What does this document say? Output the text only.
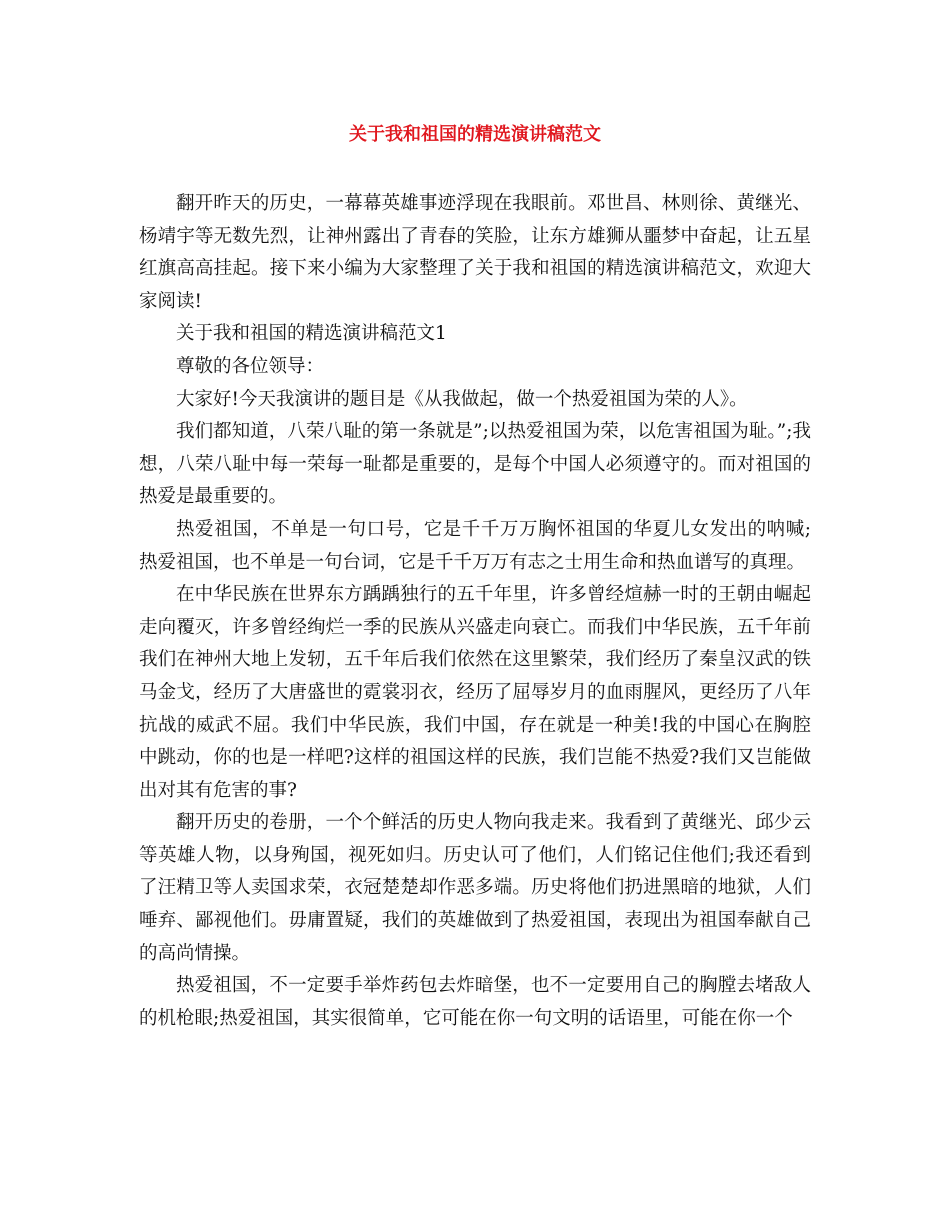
关于我和祖国的精选演讲稿范文

翻开昨天的历史，一幕幕英雄事迹浮现在我眼前。邓世昌、林则徐、黄继光、杨靖宇等无数先烈，让神州露出了青春的笑脸，让东方雄狮从噩梦中奋起，让五星红旗高高挂起。接下来小编为大家整理了关于我和祖国的精选演讲稿范文，欢迎大家阅读!

关于我和祖国的精选演讲稿范文1

尊敬的各位领导：

大家好!今天我演讲的题目是《从我做起，做一个热爱祖国为荣的人》。

我们都知道，八荣八耻的第一条就是”;以热爱祖国为荣，以危害祖国为耻。”;我想，八荣八耻中每一荣每一耻都是重要的，是每个中国人必须遵守的。而对祖国的热爱是最重要的。

热爱祖国，不单是一句口号，它是千千万万胸怀祖国的华夏儿女发出的呐喊;热爱祖国，也不单是一句台词，它是千千万万有志之士用生命和热血谱写的真理。

在中华民族在世界东方踽踽独行的五千年里，许多曾经煊赫一时的王朝由崛起走向覆灭，许多曾经绚烂一季的民族从兴盛走向衰亡。而我们中华民族，五千年前我们在神州大地上发轫，五千年后我们依然在这里繁荣，我们经历了秦皇汉武的铁马金戈，经历了大唐盛世的霓裳羽衣，经历了屈辱岁月的血雨腥风，更经历了八年抗战的威武不屈。我们中华民族，我们中国，存在就是一种美!我的中国心在胸腔中跳动，你的也是一样吧?这样的祖国这样的民族，我们岂能不热爱?我们又岂能做出对其有危害的事?

翻开历史的卷册，一个个鲜活的历史人物向我走来。我看到了黄继光、邱少云等英雄人物，以身殉国，视死如归。历史认可了他们，人们铭记住他们;我还看到了汪精卫等人卖国求荣，衣冠楚楚却作恶多端。历史将他们扔进黑暗的地狱，人们唾弃、鄙视他们。毋庸置疑，我们的英雄做到了热爱祖国，表现出为祖国奉献自己的高尚情操。

热爱祖国，不一定要手举炸药包去炸暗堡，也不一定要用自己的胸膛去堵敌人的机枪眼;热爱祖国，其实很简单，它可能在你一句文明的话语里，可能在你一个
